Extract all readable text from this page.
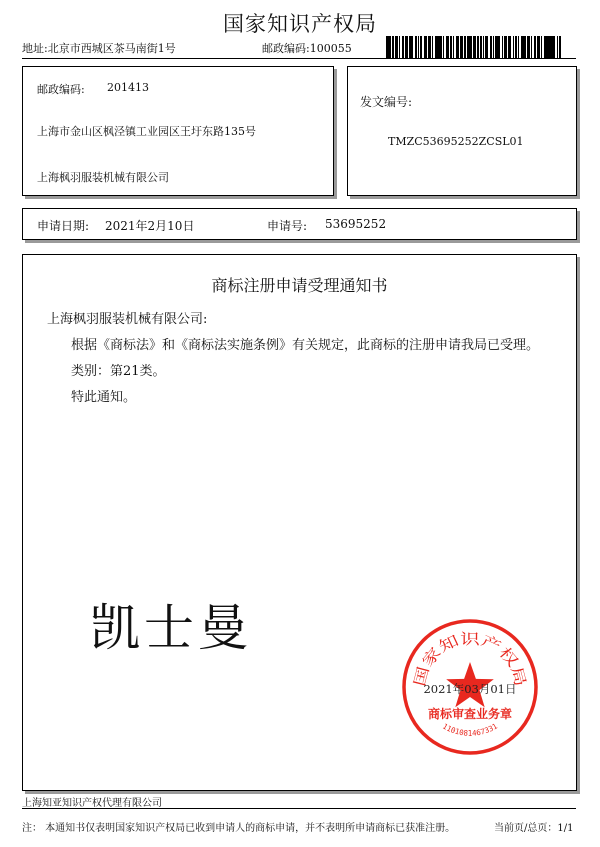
国家知识产权局
地址:北京市西城区茶马南街1号	邮政编码:100055
邮政编码: 201413
上海市金山区枫泾镇工业园区王圩东路135号
上海枫羽服装机械有限公司
发文编号:
TMZC53695252ZCSL01
申请日期: 2021年2月10日	申请号: 53695252
商标注册申请受理通知书
上海枫羽服装机械有限公司:
根据《商标法》和《商标法实施条例》有关规定，此商标的注册申请我局已受理。
类别：第21类。
特此通知。
凯士曼
国家知识产权局
2021年03月01日
商标审查业务章
1101081467331
上海知亚知识产权代理有限公司
注： 本通知书仅表明国家知识产权局已收到申请人的商标申请，并不表明所申请商标已获准注册。	当前页/总页：1/1
